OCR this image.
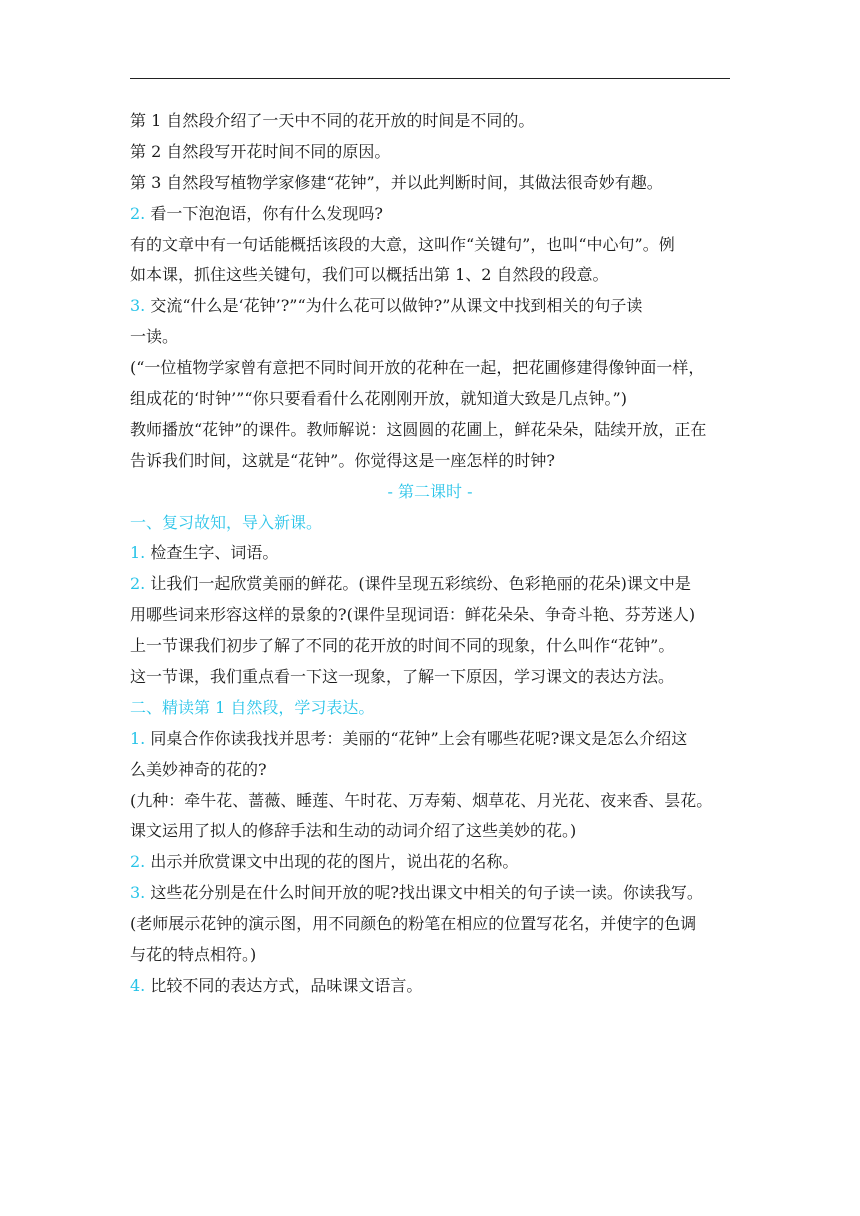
第 1 自然段介绍了一天中不同的花开放的时间是不同的。
第 2 自然段写开花时间不同的原因。
第 3 自然段写植物学家修建“花钟”，并以此判断时间，其做法很奇妙有趣。
2. 看一下泡泡语，你有什么发现吗?
有的文章中有一句话能概括该段的大意，这叫作“关键句”，也叫“中心句”。例
如本课，抓住这些关键句，我们可以概括出第 1、2 自然段的段意。
3. 交流“什么是‘花钟’?”“为什么花可以做钟?”从课文中找到相关的句子读
一读。
(“一位植物学家曾有意把不同时间开放的花种在一起，把花圃修建得像钟面一样，
组成花的‘时钟’”“你只要看看什么花刚刚开放，就知道大致是几点钟。”)
教师播放“花钟”的课件。教师解说：这圆圆的花圃上，鲜花朵朵，陆续开放，正在
告诉我们时间，这就是“花钟”。你觉得这是一座怎样的时钟?
- 第二课时 -
一、复习故知，导入新课。
1. 检查生字、词语。
2. 让我们一起欣赏美丽的鲜花。(课件呈现五彩缤纷、色彩艳丽的花朵)课文中是
用哪些词来形容这样的景象的?(课件呈现词语：鲜花朵朵、争奇斗艳、芬芳迷人)
上一节课我们初步了解了不同的花开放的时间不同的现象，什么叫作“花钟”。
这一节课，我们重点看一下这一现象，了解一下原因，学习课文的表达方法。
二、精读第 1 自然段，学习表达。
1. 同桌合作你读我找并思考：美丽的“花钟”上会有哪些花呢?课文是怎么介绍这
么美妙神奇的花的?
(九种：牵牛花、蔷薇、睡莲、午时花、万寿菊、烟草花、月光花、夜来香、昙花。
课文运用了拟人的修辞手法和生动的动词介绍了这些美妙的花。)
2. 出示并欣赏课文中出现的花的图片，说出花的名称。
3. 这些花分别是在什么时间开放的呢?找出课文中相关的句子读一读。你读我写。
(老师展示花钟的演示图，用不同颜色的粉笔在相应的位置写花名，并使字的色调
与花的特点相符。)
4. 比较不同的表达方式，品味课文语言。
